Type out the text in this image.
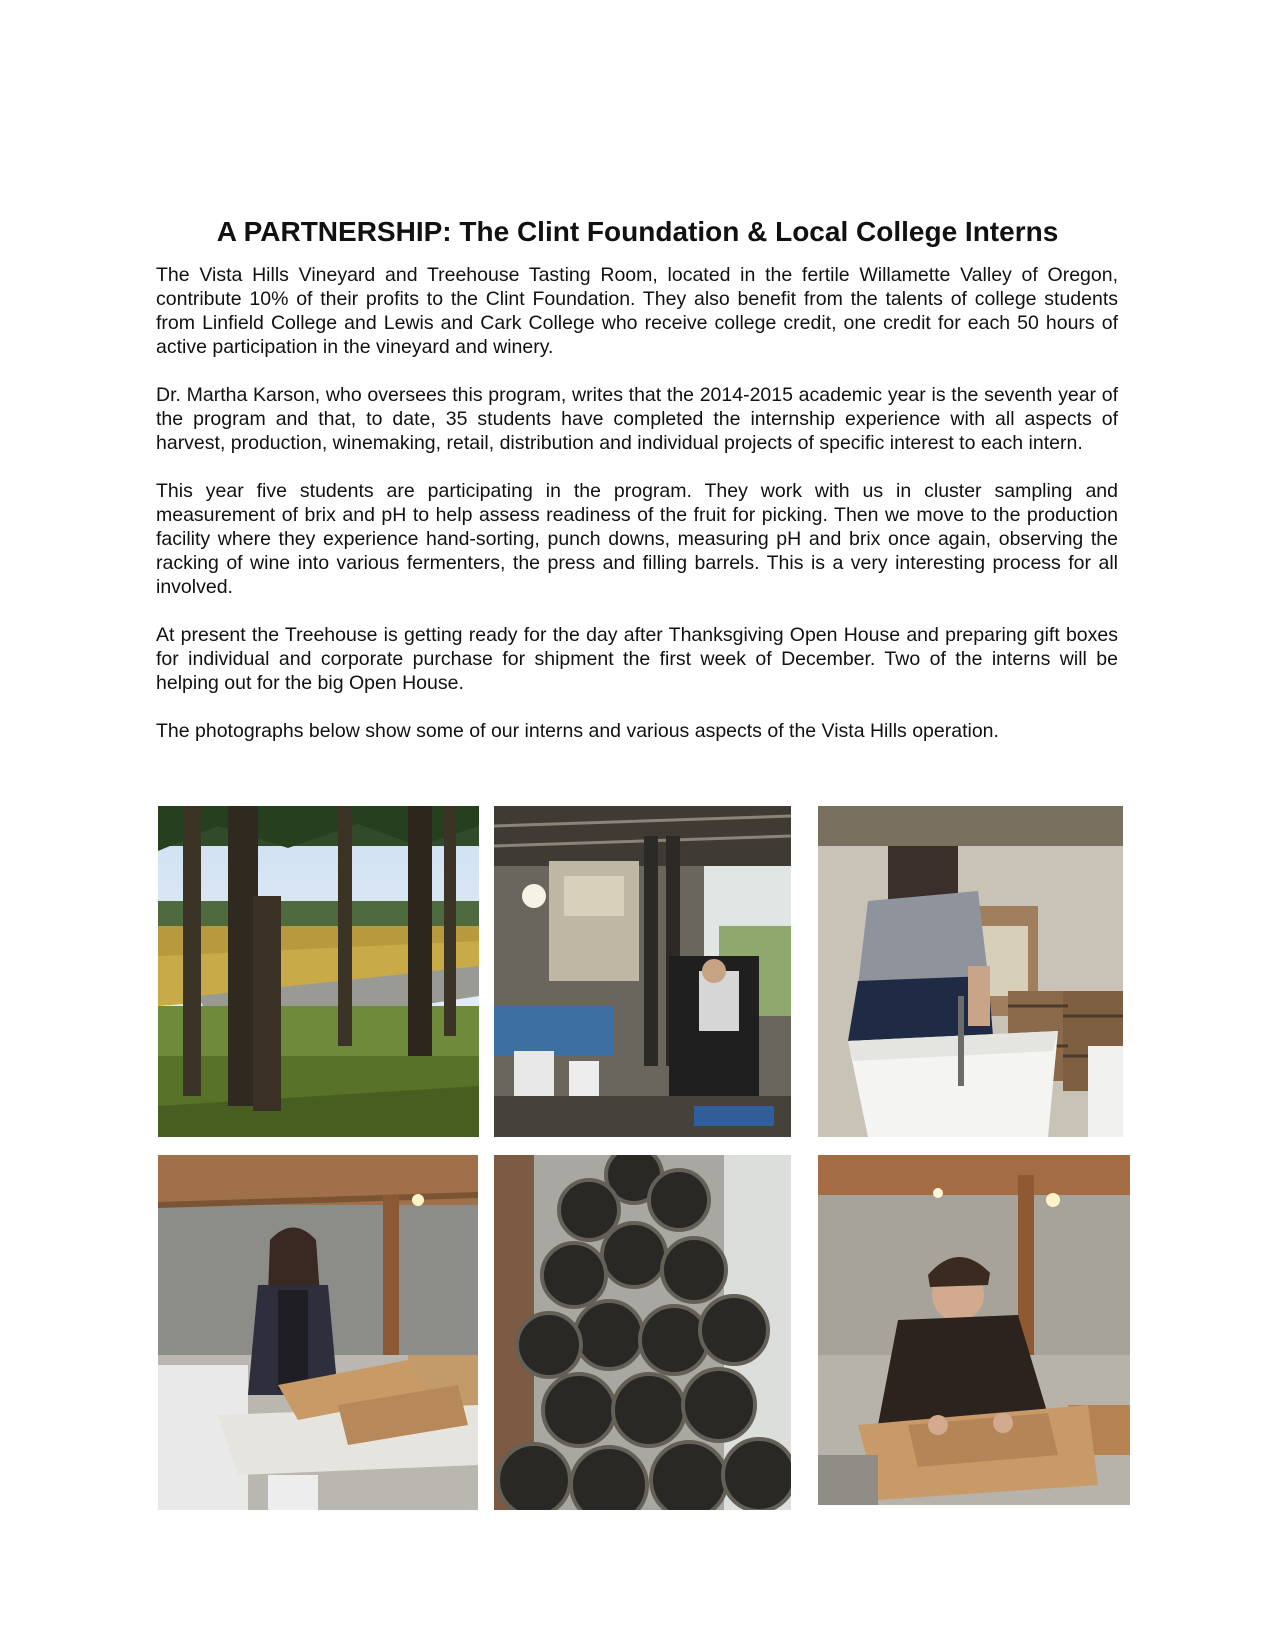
A PARTNERSHIP: The Clint Foundation & Local College Interns

The Vista Hills Vineyard and Treehouse Tasting Room, located in the fertile Willamette Valley of Oregon, contribute 10% of their profits to the Clint Foundation. They also benefit from the talents of college students from Linfield College and Lewis and Cark College who receive college credit, one credit for each 50 hours of active participation in the vineyard and winery.

Dr. Martha Karson, who oversees this program, writes that the 2014-2015 academic year is the seventh year of the program and that, to date, 35 students have completed the internship experience with all aspects of harvest, production, winemaking, retail, distribution and individual projects of specific interest to each intern.

This year five students are participating in the program. They work with us in cluster sampling and measurement of brix and pH to help assess readiness of the fruit for picking. Then we move to the production facility where they experience hand-sorting, punch downs, measuring pH and brix once again, observing the racking of wine into various fermenters, the press and filling barrels. This is a very interesting process for all involved.

At present the Treehouse is getting ready for the day after Thanksgiving Open House and preparing gift boxes for individual and corporate purchase for shipment the first week of December. Two of the interns will be helping out for the big Open House.

The photographs below show some of our interns and various aspects of the Vista Hills operation.
